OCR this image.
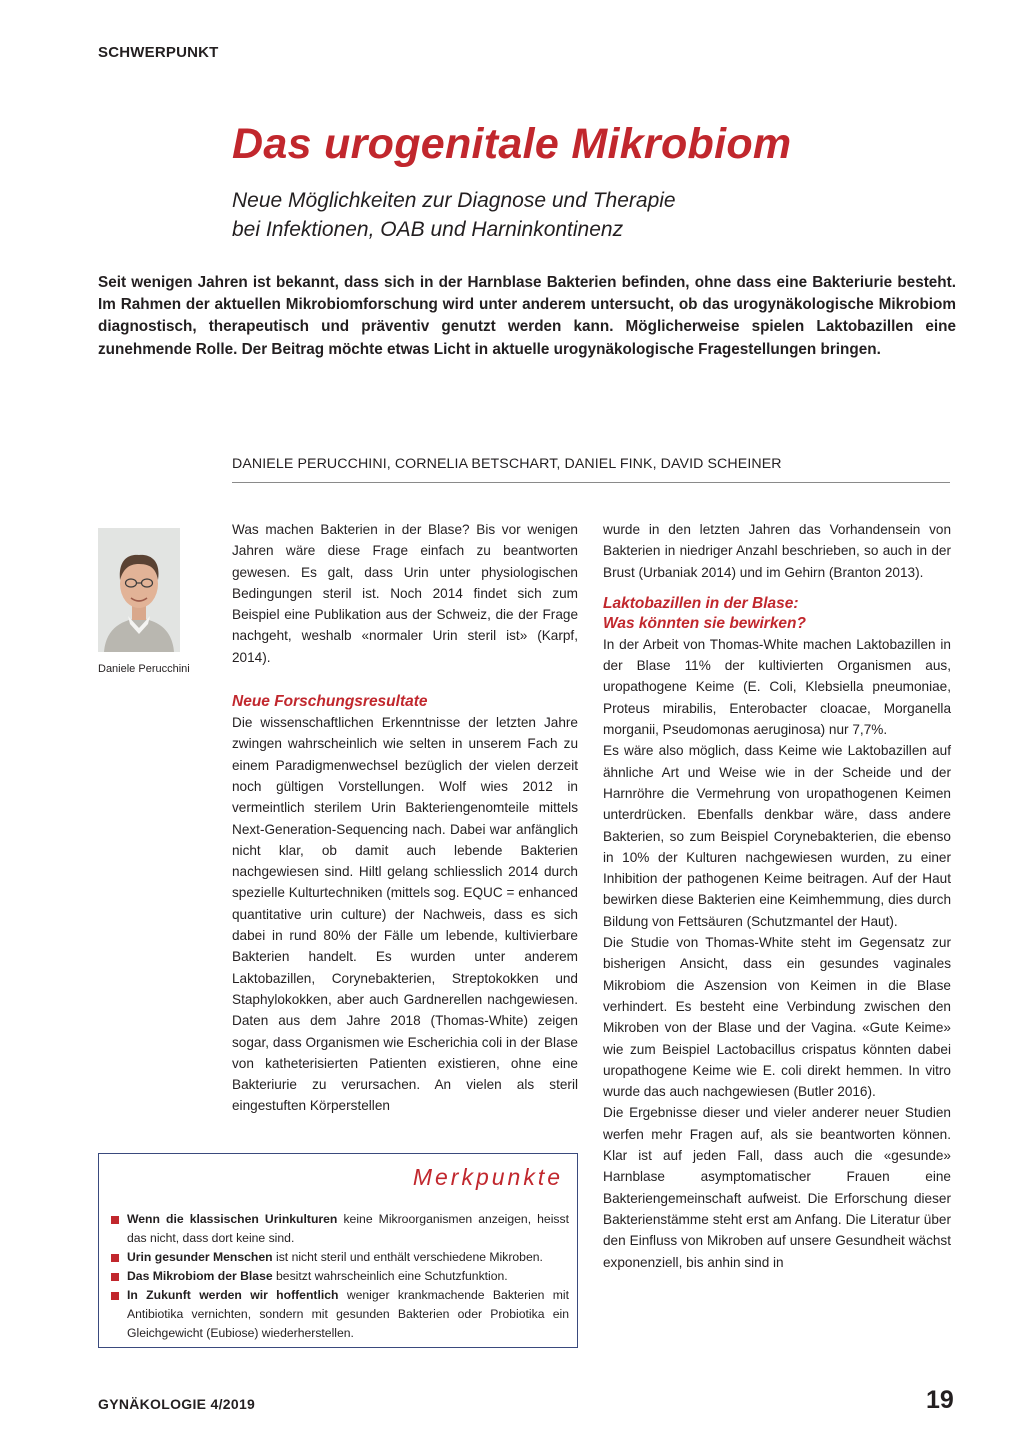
SCHWERPUNKT
Das urogenitale Mikrobiom
Neue Möglichkeiten zur Diagnose und Therapie
bei Infektionen, OAB und Harninkontinenz

Seit wenigen Jahren ist bekannt, dass sich in der Harnblase Bakterien befinden, ohne dass eine Bakteriurie besteht. Im Rahmen der aktuellen Mikrobiomforschung wird unter anderem untersucht, ob das urogynäkologische Mikrobiom diagnostisch, therapeutisch und präventiv genutzt werden kann. Möglicherweise spielen Laktobazillen eine zunehmende Rolle. Der Beitrag möchte etwas Licht in aktuelle urogynäkologische Fragestellungen bringen.

DANIELE PERUCCHINI, CORNELIA BETSCHART, DANIEL FINK, DAVID SCHEINER
Daniele Perucchini

Was machen Bakterien in der Blase? Bis vor wenigen Jahren wäre diese Frage einfach zu beantworten gewesen. Es galt, dass Urin unter physiologischen Bedingungen steril ist. Noch 2014 findet sich zum Beispiel eine Publikation aus der Schweiz, die der Frage nachgeht, weshalb «normaler Urin steril ist» (Karpf, 2014).

Neue Forschungsresultate

Die wissenschaftlichen Erkenntnisse der letzten Jahre zwingen wahrscheinlich wie selten in unserem Fach zu einem Paradigmenwechsel bezüglich der vielen derzeit noch gültigen Vorstellungen. Wolf wies 2012 in vermeintlich sterilem Urin Bakteriengenomteile mittels Next-Generation-Sequencing nach. Dabei war anfänglich nicht klar, ob damit auch lebende Bakterien nachgewiesen sind. Hiltl gelang schliesslich 2014 durch spezielle Kulturtechniken (mittels sog. EQUC = enhanced quantitative urin culture) der Nachweis, dass es sich dabei in rund 80% der Fälle um lebende, kultivierbare Bakterien handelt. Es wurden unter anderem Laktobazillen, Corynebakterien, Streptokokken und Staphylokokken, aber auch Gardnerellen nachgewiesen. Daten aus dem Jahre 2018 (Thomas-White) zeigen sogar, dass Organismen wie Escherichia coli in der Blase von katheterisierten Patienten existieren, ohne eine Bakteriurie zu verursachen. An vielen als steril eingestuften Körperstellen

wurde in den letzten Jahren das Vorhandensein von Bakterien in niedriger Anzahl beschrieben, so auch in der Brust (Urbaniak 2014) und im Gehirn (Branton 2013).

Laktobazillen in der Blase:
Was könnten sie bewirken?

In der Arbeit von Thomas-White machen Laktobazillen in der Blase 11% der kultivierten Organismen aus, uropathogene Keime (E. Coli, Klebsiella pneumoniae, Proteus mirabilis, Enterobacter cloacae, Morganella morganii, Pseudomonas aeruginosa) nur 7,7%.

Es wäre also möglich, dass Keime wie Laktobazillen auf ähnliche Art und Weise wie in der Scheide und der Harnröhre die Vermehrung von uropathogenen Keimen unterdrücken. Ebenfalls denkbar wäre, dass andere Bakterien, so zum Beispiel Corynebakterien, die ebenso in 10% der Kulturen nachgewiesen wurden, zu einer Inhibition der pathogenen Keime beitragen. Auf der Haut bewirken diese Bakterien eine Keimhemmung, dies durch Bildung von Fettsäuren (Schutzmantel der Haut).

Die Studie von Thomas-White steht im Gegensatz zur bisherigen Ansicht, dass ein gesundes vaginales Mikrobiom die Aszension von Keimen in die Blase verhindert. Es besteht eine Verbindung zwischen den Mikroben von der Blase und der Vagina. «Gute Keime» wie zum Beispiel Lactobacillus crispatus könnten dabei uropathogene Keime wie E. coli direkt hemmen. In vitro wurde das auch nachgewiesen (Butler 2016).

Die Ergebnisse dieser und vieler anderer neuer Studien werfen mehr Fragen auf, als sie beantworten können. Klar ist auf jeden Fall, dass auch die «gesunde» Harnblase asymptomatischer Frauen eine Bakteriengemeinschaft aufweist. Die Erforschung dieser Bakterienstämme steht erst am Anfang. Die Literatur über den Einfluss von Mikroben auf unsere Gesundheit wächst exponenziell, bis anhin sind in

Merkpunkte
Wenn die klassischen Urinkulturen keine Mikroorganismen anzeigen, heisst das nicht, dass dort keine sind.
Urin gesunder Menschen ist nicht steril und enthält verschiedene Mikroben.
Das Mikrobiom der Blase besitzt wahrscheinlich eine Schutzfunktion.
In Zukunft werden wir hoffentlich weniger krankmachende Bakterien mit Antibiotika vernichten, sondern mit gesunden Bakterien oder Probiotika ein Gleichgewicht (Eubiose) wiederherstellen.
GYNÄKOLOGIE 4/2019	19
